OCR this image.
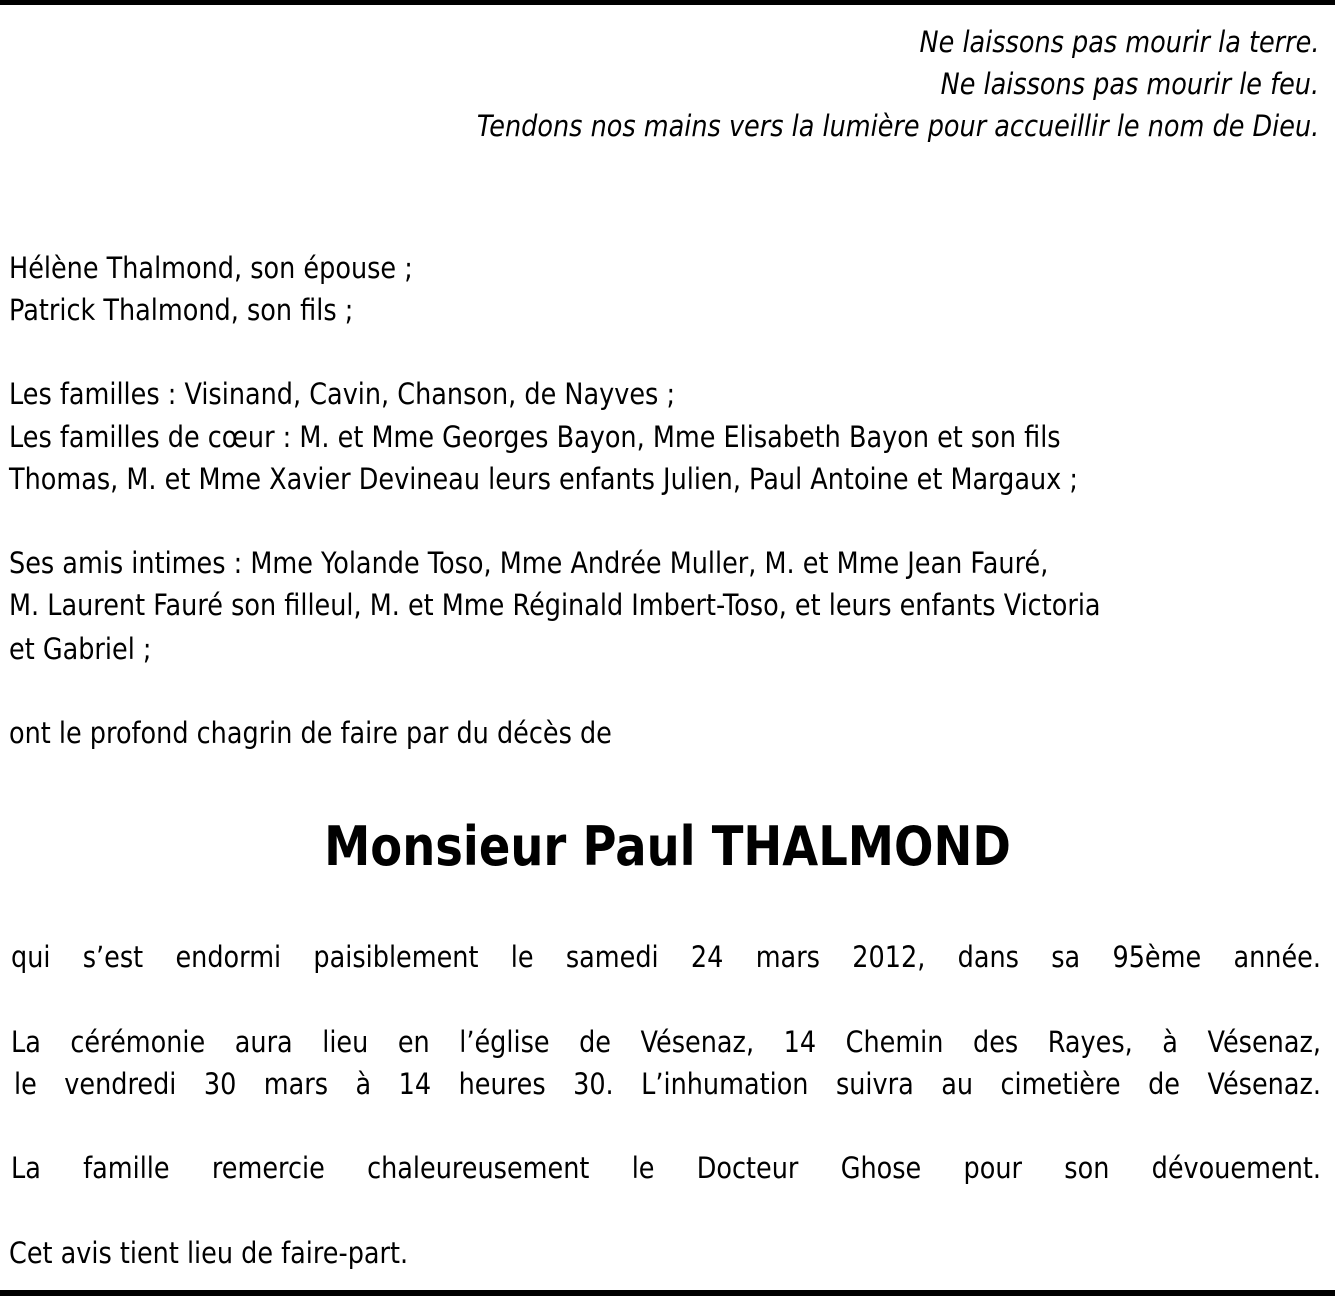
Ne laissons pas mourir la terre.
Ne laissons pas mourir le feu.
Tendons nos mains vers la lumière pour accueillir le nom de Dieu.
Hélène Thalmond, son épouse ;
Patrick Thalmond, son fils ;
Les familles : Visinand, Cavin, Chanson, de Nayves ;
Les familles de cœur : M. et Mme Georges Bayon, Mme Elisabeth Bayon et son fils
Thomas, M. et Mme Xavier Devineau leurs enfants Julien, Paul Antoine et Margaux ;
Ses amis intimes : Mme Yolande Toso, Mme Andrée Muller, M. et Mme Jean Fauré,
M. Laurent Fauré son filleul, M. et Mme Réginald Imbert-Toso, et leurs enfants Victoria
et Gabriel ;
ont le profond chagrin de faire par du décès de
Monsieur Paul THALMOND
qui s’est endormi paisiblement le samedi 24 mars 2012, dans sa 95ème année.
La cérémonie aura lieu en l’église de Vésenaz, 14 Chemin des Rayes, à Vésenaz,
le vendredi 30 mars à 14 heures 30. L’inhumation suivra au cimetière de Vésenaz.
La famille remercie chaleureusement le Docteur Ghose pour son dévouement.
Cet avis tient lieu de faire-part.
